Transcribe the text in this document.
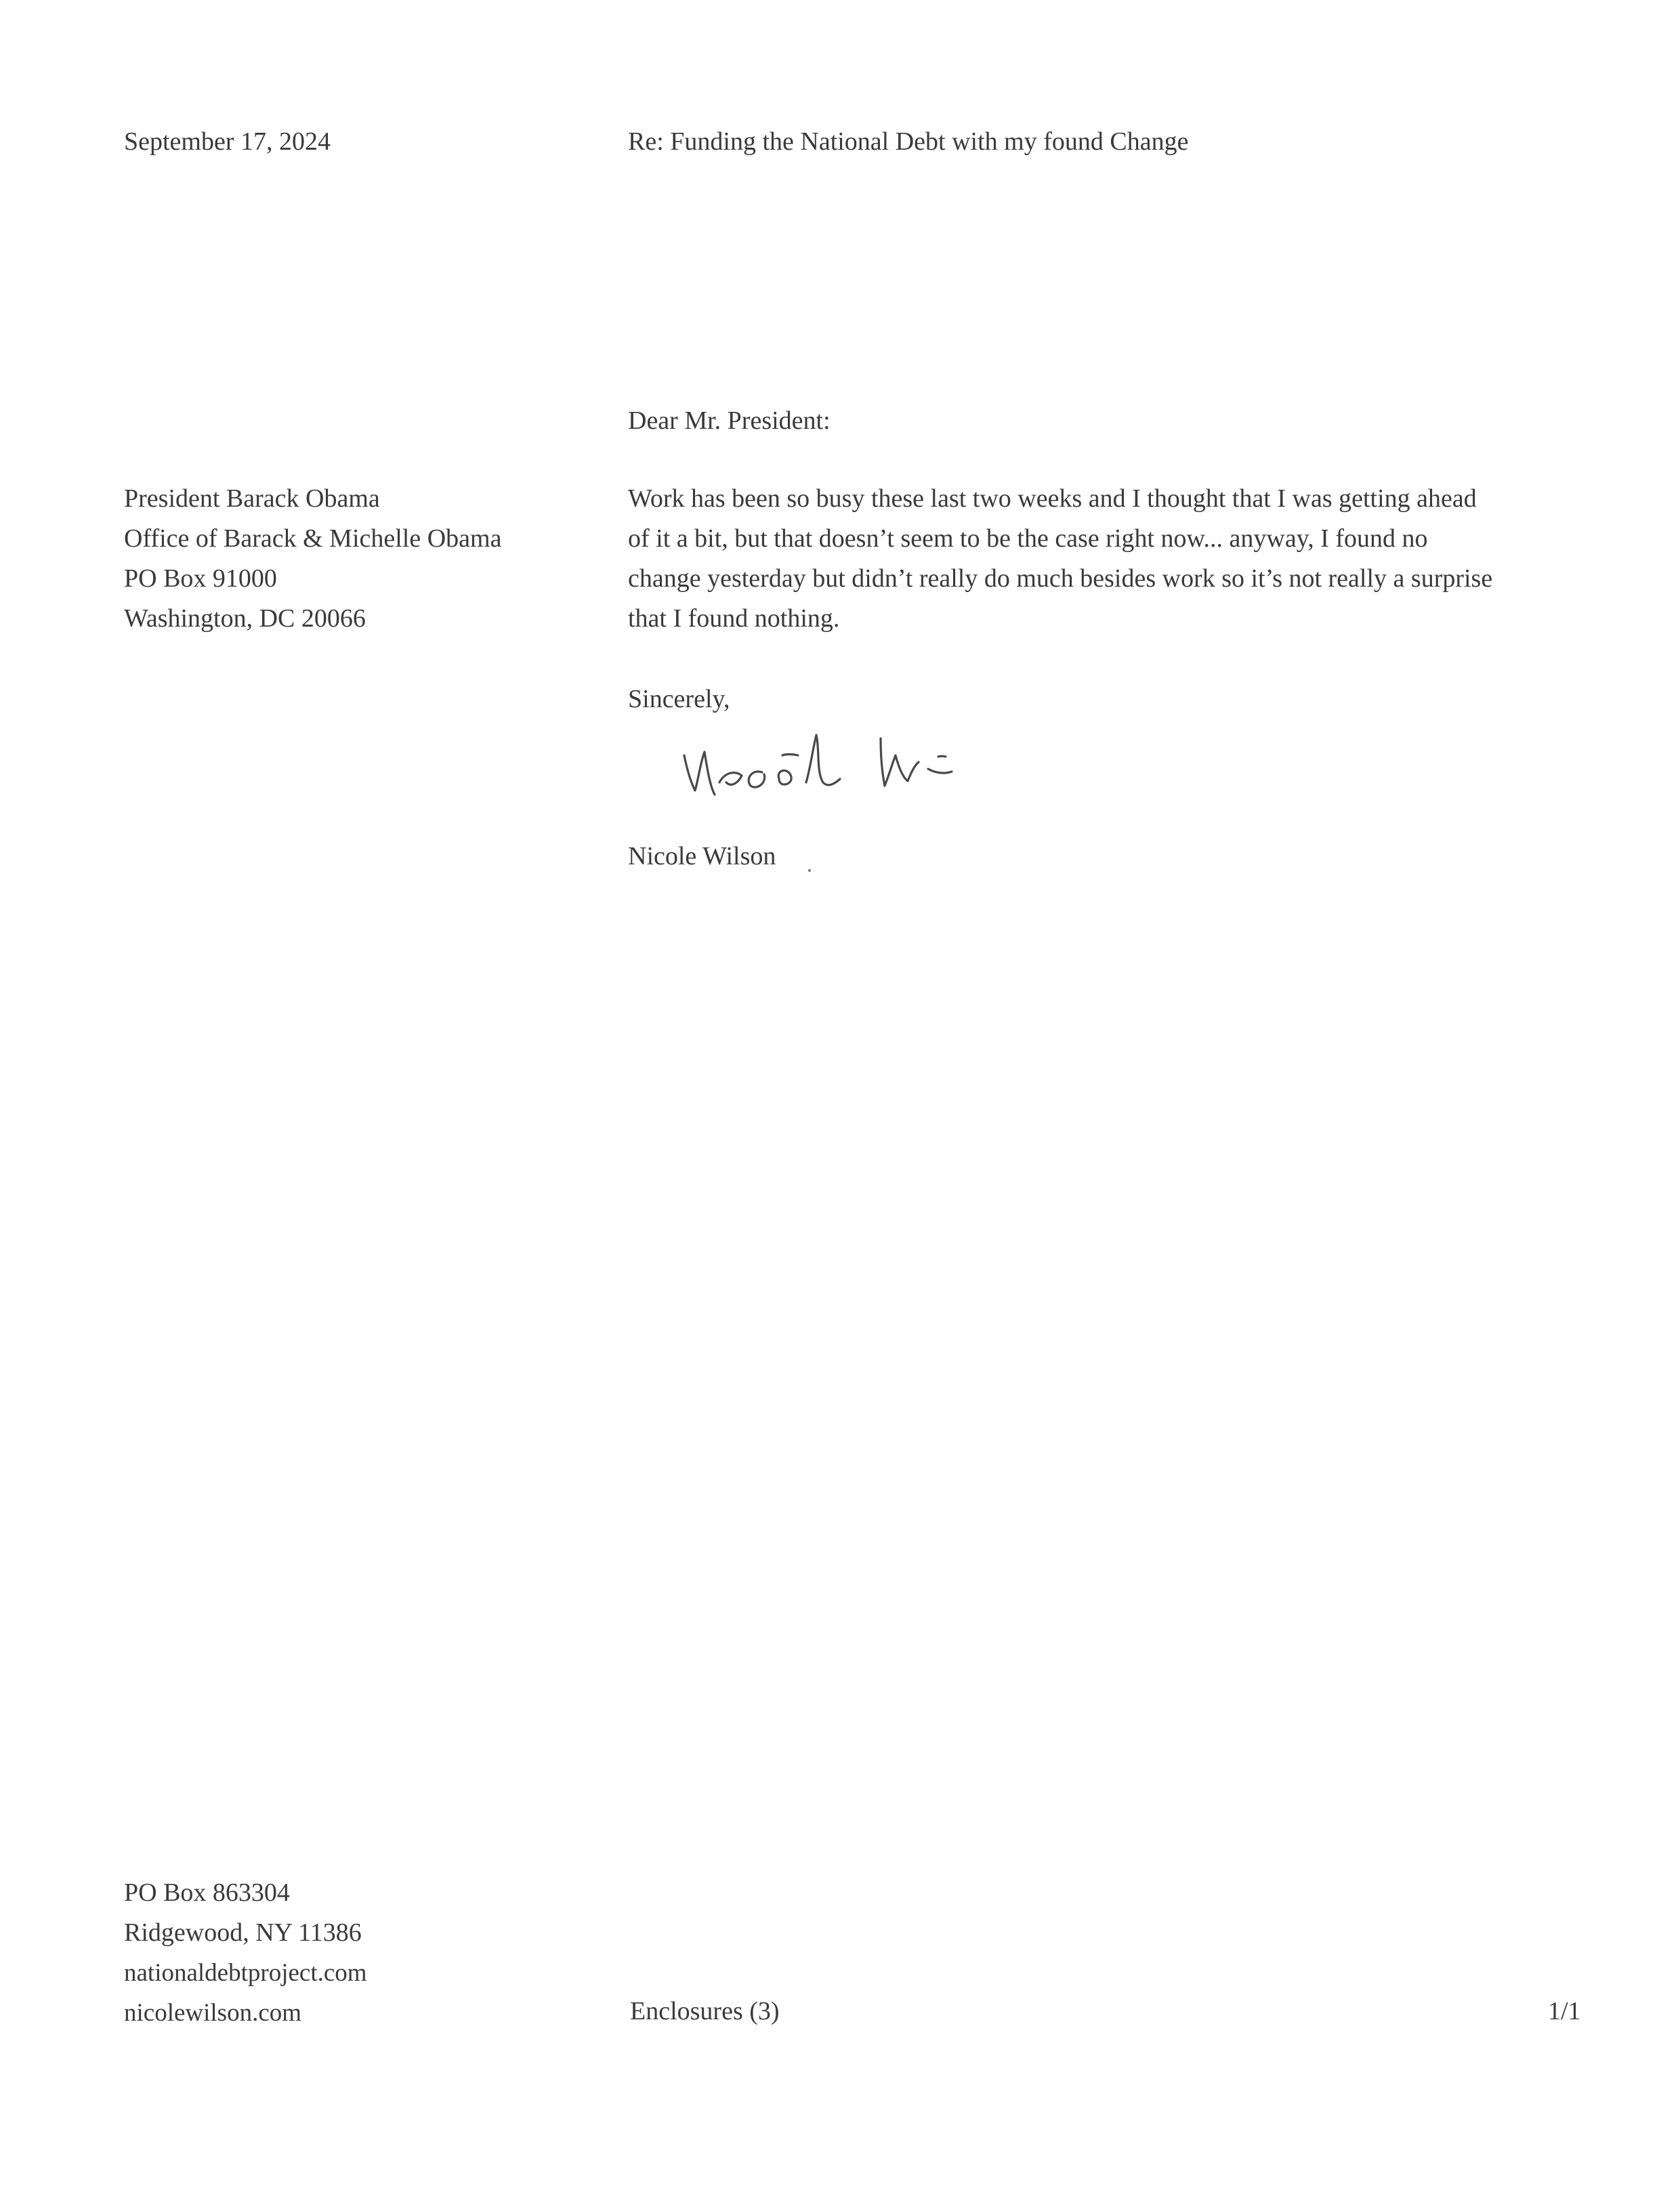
September 17, 2024	Re: Funding the National Debt with my found Change
Dear Mr. President:
President Barack Obama
Office of Barack & Michelle Obama
PO Box 91000
Washington, DC 20066
Work has been so busy these last two weeks and I thought that I was getting ahead
of it a bit, but that doesn’t seem to be the case right now... anyway, I found no
change yesterday but didn’t really do much besides work so it’s not really a surprise
that I found nothing.
Sincerely,
Nicole Wilson
PO Box 863304
Ridgewood, NY 11386
nationaldebtproject.com
nicolewilson.com	Enclosures (3)	1/1
